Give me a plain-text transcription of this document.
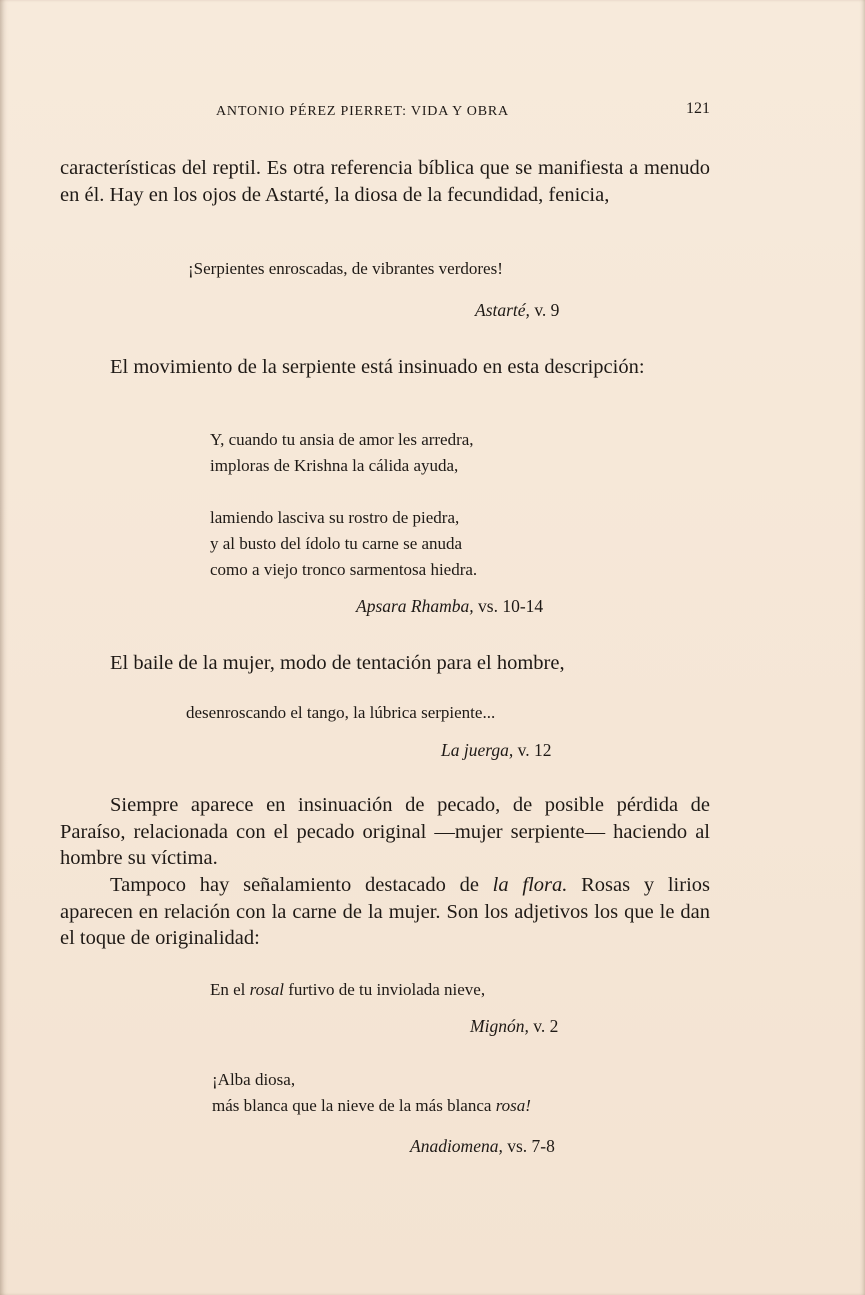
ANTONIO PÉREZ PIERRET: VIDA Y OBRA	121

características del reptil. Es otra referencia bíblica que se manifiesta a menudo en él. Hay en los ojos de Astarté, la diosa de la fecundidad, fenicia,

¡Serpientes enroscadas, de vibrantes verdores!
Astarté, v. 9

El movimiento de la serpiente está insinuado en esta descripción:

Y, cuando tu ansia de amor les arredra,
imploras de Krishna la cálida ayuda,
lamiendo lasciva su rostro de piedra,
y al busto del ídolo tu carne se anuda
como a viejo tronco sarmentosa hiedra.
Apsara Rhamba, vs. 10-14

El baile de la mujer, modo de tentación para el hombre,

desenroscando el tango, la lúbrica serpiente...
La juerga, v. 12

Siempre aparece en insinuación de pecado, de posible pérdida de Paraíso, relacionada con el pecado original —mujer serpiente— haciendo al hombre su víctima.

Tampoco hay señalamiento destacado de la flora. Rosas y lirios aparecen en relación con la carne de la mujer. Son los adjetivos los que le dan el toque de originalidad:

En el rosal furtivo de tu inviolada nieve,
Mignón, v. 2
¡Alba diosa,
más blanca que la nieve de la más blanca rosa!
Anadiomena, vs. 7-8
